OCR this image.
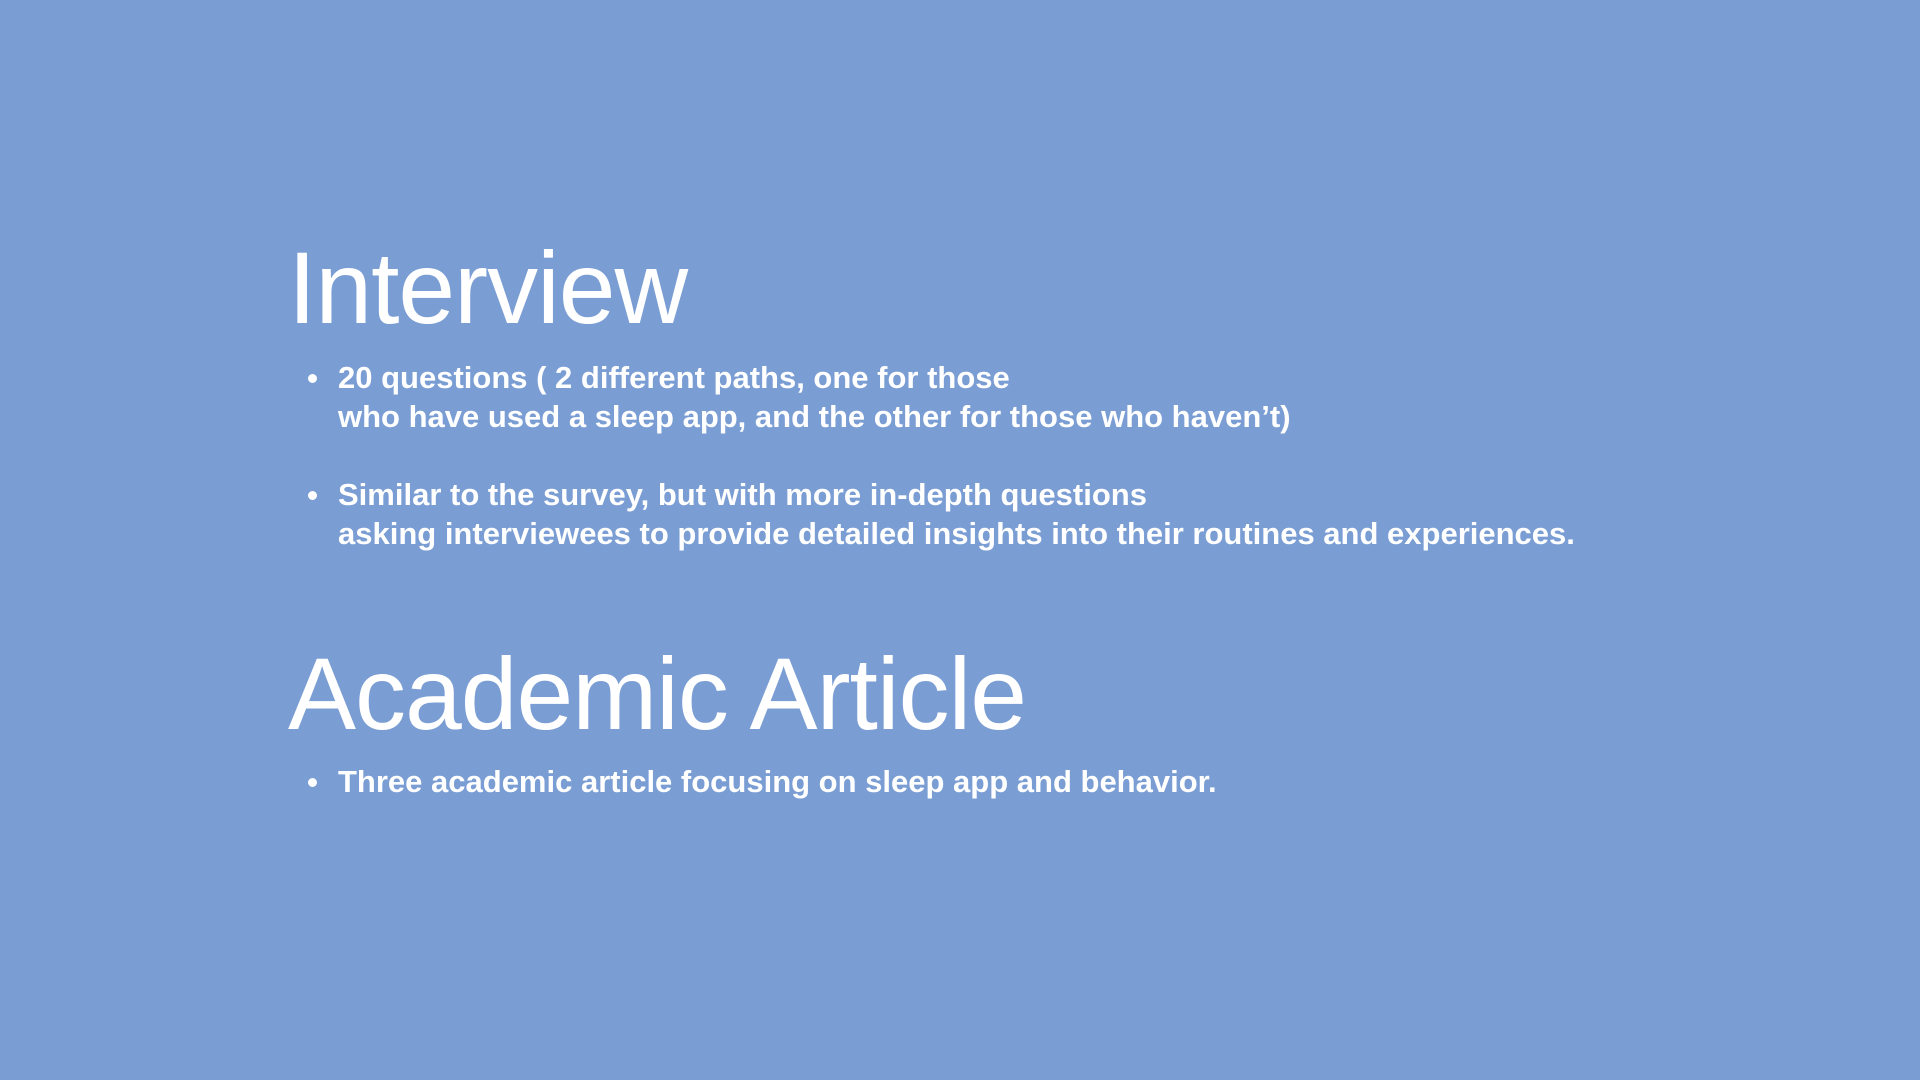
Interview
20 questions ( 2 different paths, one for those
who have used a sleep app, and the other for those who haven’t)
Similar to the survey, but with more in-depth questions
asking interviewees to provide detailed insights into their routines and experiences.
Academic Article
Three academic article focusing on sleep app and behavior.
